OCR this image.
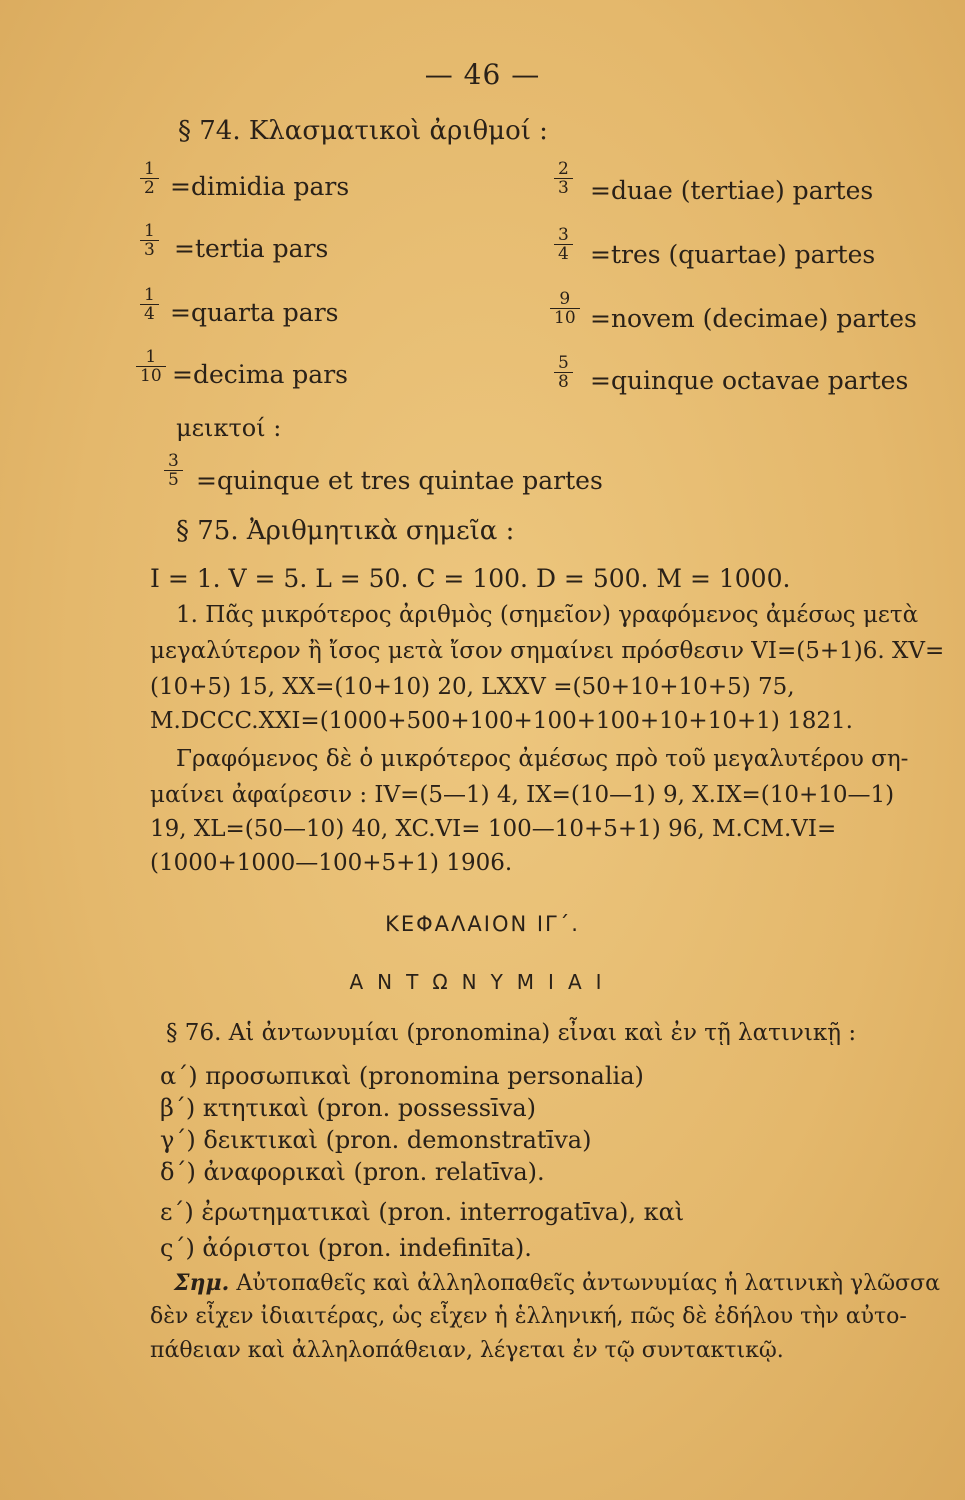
— 46 —
§ 74. Κλασματικοὶ ἀριθμοί :
$\frac{1}{2}$ =dimidia pars
$\frac{1}{3}$ =tertia pars
$\frac{1}{4}$ =quarta pars
$\frac{1}{10}$ =decima pars
$\frac{2}{3}$ =duae (tertiae) partes
$\frac{3}{4}$ =tres (quartae) partes
$\frac{9}{10}$ =novem (decimae) partes
$\frac{5}{8}$ =quinque octavae partes
μεικτοί :
$\frac{3}{5}$ =quinque et tres quintae partes
§ 75. Ἀριθμητικὰ σημεῖα :
I = 1. V = 5. L = 50. C = 100. D = 500. M = 1000.
1. Πᾶς μικρότερος ἀριθμὸς (σημεῖον) γραφόμενος ἀμέσως μετὰ
μεγαλύτερον ἢ ἴσος μετὰ ἴσον σημαίνει πρόσθεσιν VI=(5+1)6. XV=
(10+5) 15, XX=(10+10) 20, LXXV =(50+10+10+5) 75,
M.DCCC.XXI=(1000+500+100+100+100+10+10+1) 1821.
Γραφόμενος δὲ ὁ μικρότερος ἀμέσως πρὸ τοῦ μεγαλυτέρου ση-
μαίνει ἀφαίρεσιν : IV=(5—1) 4, IX=(10—1) 9, X.IX=(10+10—1)
19, XL=(50—10) 40, XC.VI= 100—10+5+1) 96, M.CM.VI=
(1000+1000—100+5+1) 1906.
ΚΕΦΑΛΑΙΟΝ ΙΓ΄.
ΑΝΤΩΝΥΜΙΑΙ
§ 76. Αἱ ἀντωνυμίαι (pronomina) εἶναι καὶ ἐν τῇ λατινικῇ :
α΄) προσωπικαὶ (pronomina personalia)
β΄) κτητικαὶ (pron. possessīva)
γ΄) δεικτικαὶ (pron. demonstratīva)
δ΄) ἀναφορικαὶ (pron. relatīva).
ε΄) ἐρωτηματικαὶ (pron. interrogatīva), καὶ
ς΄) ἀόριστοι (pron. indefinīta).
Σημ. Αὐτοπαθεῖς καὶ ἀλληλοπαθεῖς ἀντωνυμίας ἡ λατινικὴ γλῶσσα
δὲν εἶχεν ἰδιαιτέρας, ὡς εἶχεν ἡ ἑλληνική, πῶς δὲ ἐδήλου τὴν αὐτο-
πάθειαν καὶ ἀλληλοπάθειαν, λέγεται ἐν τῷ συντακτικῷ.
